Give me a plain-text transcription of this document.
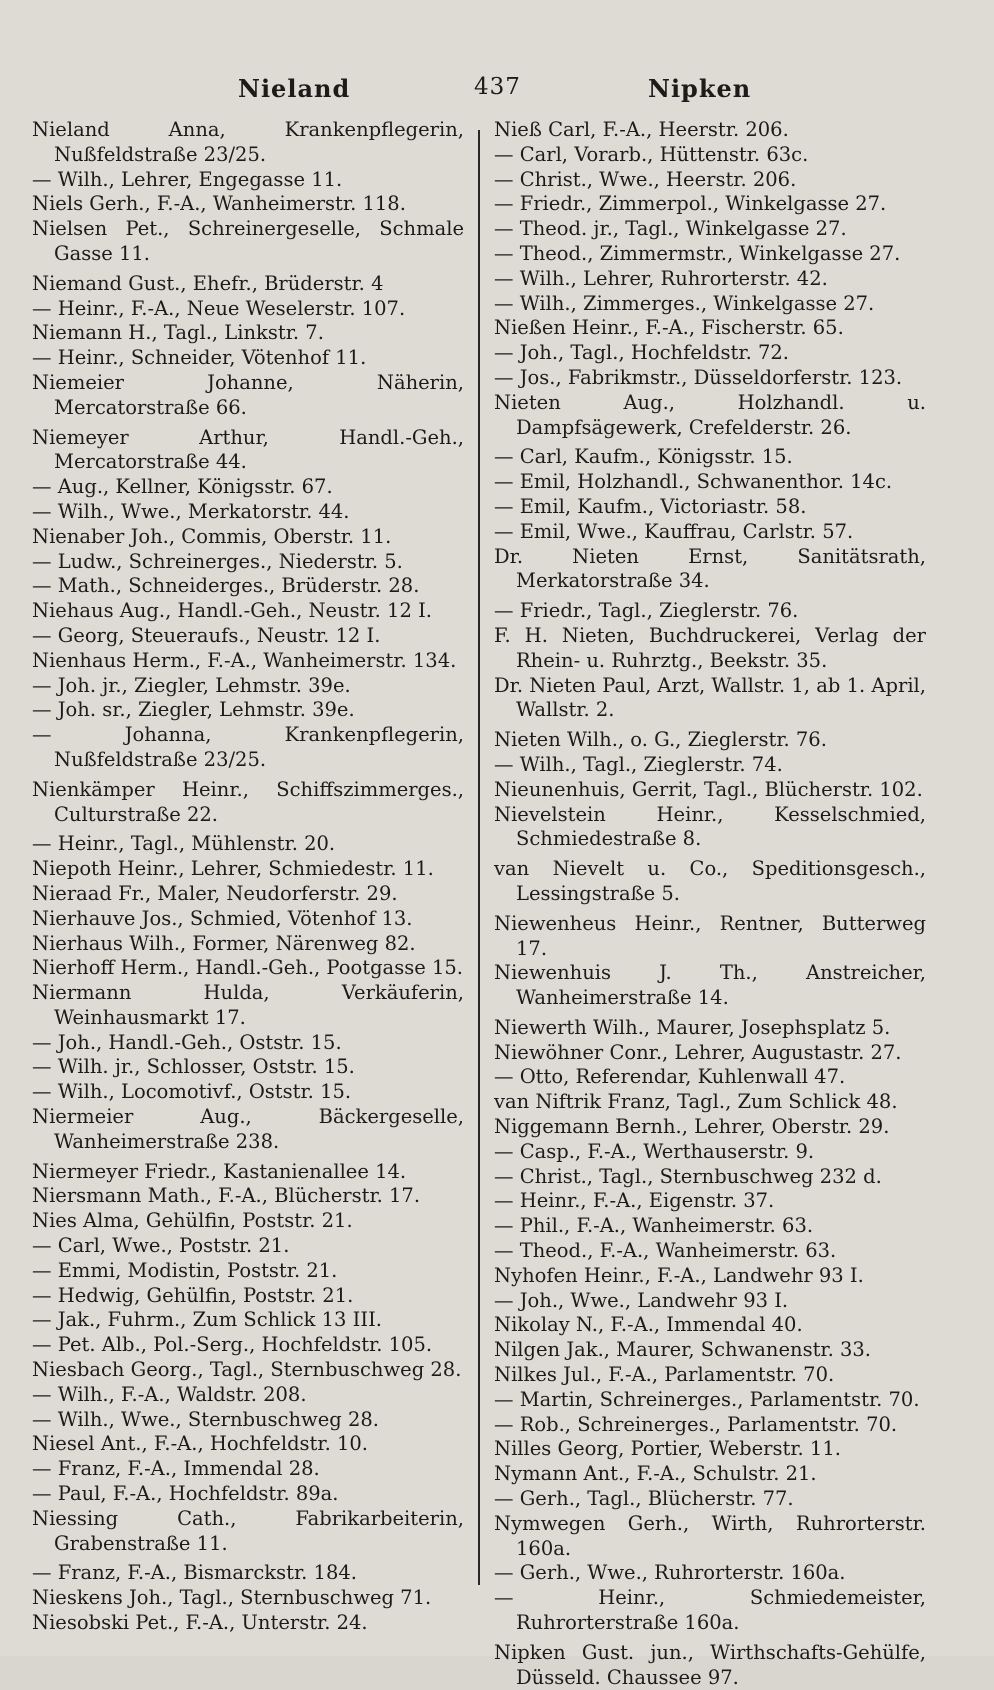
Nieland	437	Nipken

Nieland Anna, Krankenpflegerin, Nußfeldstraße 23/25.

— Wilh., Lehrer, Engegasse 11.

Niels Gerh., F.-A., Wanheimerstr. 118.

Nielsen Pet., Schreinergeselle, Schmale Gasse 11.

Niemand Gust., Ehefr., Brüderstr. 4

— Heinr., F.-A., Neue Weselerstr. 107.

Niemann H., Tagl., Linkstr. 7.

— Heinr., Schneider, Vötenhof 11.

Niemeier Johanne, Näherin, Mercatorstraße 66.

Niemeyer Arthur, Handl.-Geh., Mercatorstraße 44.

— Aug., Kellner, Königsstr. 67.

— Wilh., Wwe., Merkatorstr. 44.

Nienaber Joh., Commis, Oberstr. 11.

— Ludw., Schreinerges., Niederstr. 5.

— Math., Schneiderges., Brüderstr. 28.

Niehaus Aug., Handl.-Geh., Neustr. 12 I.

— Georg, Steueraufs., Neustr. 12 I.

Nienhaus Herm., F.-A., Wanheimerstr. 134.

— Joh. jr., Ziegler, Lehmstr. 39e.

— Joh. sr., Ziegler, Lehmstr. 39e.

— Johanna, Krankenpflegerin, Nußfeldstraße 23/25.

Nienkämper Heinr., Schiffszimmerges., Culturstraße 22.

— Heinr., Tagl., Mühlenstr. 20.

Niepoth Heinr., Lehrer, Schmiedestr. 11.

Nieraad Fr., Maler, Neudorferstr. 29.

Nierhauve Jos., Schmied, Vötenhof 13.

Nierhaus Wilh., Former, Närenweg 82.

Nierhoff Herm., Handl.-Geh., Pootgasse 15.

Niermann Hulda, Verkäuferin, Weinhausmarkt 17.

— Joh., Handl.-Geh., Oststr. 15.

— Wilh. jr., Schlosser, Oststr. 15.

— Wilh., Locomotivf., Oststr. 15.

Niermeier Aug., Bäckergeselle, Wanheimerstraße 238.

Niermeyer Friedr., Kastanienallee 14.

Niersmann Math., F.-A., Blücherstr. 17.

Nies Alma, Gehülfin, Poststr. 21.

— Carl, Wwe., Poststr. 21.

— Emmi, Modistin, Poststr. 21.

— Hedwig, Gehülfin, Poststr. 21.

— Jak., Fuhrm., Zum Schlick 13 III.

— Pet. Alb., Pol.-Serg., Hochfeldstr. 105.

Niesbach Georg., Tagl., Sternbuschweg 28.

— Wilh., F.-A., Waldstr. 208.

— Wilh., Wwe., Sternbuschweg 28.

Niesel Ant., F.-A., Hochfeldstr. 10.

— Franz, F.-A., Immendal 28.

— Paul, F.-A., Hochfeldstr. 89a.

Niessing Cath., Fabrikarbeiterin, Grabenstraße 11.

— Franz, F.-A., Bismarckstr. 184.

Nieskens Joh., Tagl., Sternbuschweg 71.

Niesobski Pet., F.-A., Unterstr. 24.

Nieß Carl, F.-A., Heerstr. 206.

— Carl, Vorarb., Hüttenstr. 63c.

— Christ., Wwe., Heerstr. 206.

— Friedr., Zimmerpol., Winkelgasse 27.

— Theod. jr., Tagl., Winkelgasse 27.

— Theod., Zimmermstr., Winkelgasse 27.

— Wilh., Lehrer, Ruhrorterstr. 42.

— Wilh., Zimmerges., Winkelgasse 27.

Nießen Heinr., F.-A., Fischerstr. 65.

— Joh., Tagl., Hochfeldstr. 72.

— Jos., Fabrikmstr., Düsseldorferstr. 123.

Nieten Aug., Holzhandl. u. Dampfsägewerk, Crefelderstr. 26.

— Carl, Kaufm., Königsstr. 15.

— Emil, Holzhandl., Schwanenthor. 14c.

— Emil, Kaufm., Victoriastr. 58.

— Emil, Wwe., Kauffrau, Carlstr. 57.

Dr. Nieten Ernst, Sanitätsrath, Merkatorstraße 34.

— Friedr., Tagl., Zieglerstr. 76.

F. H. Nieten, Buchdruckerei, Verlag der Rhein- u. Ruhrztg., Beekstr. 35.

Dr. Nieten Paul, Arzt, Wallstr. 1, ab 1. April, Wallstr. 2.

Nieten Wilh., o. G., Zieglerstr. 76.

— Wilh., Tagl., Zieglerstr. 74.

Nieunenhuis, Gerrit, Tagl., Blücherstr. 102.

Nievelstein Heinr., Kesselschmied, Schmiedestraße 8.

van Nievelt u. Co., Speditionsgesch., Lessingstraße 5.

Niewenheus Heinr., Rentner, Butterweg 17.

Niewenhuis J. Th., Anstreicher, Wanheimerstraße 14.

Niewerth Wilh., Maurer, Josephsplatz 5.

Niewöhner Conr., Lehrer, Augustastr. 27.

— Otto, Referendar, Kuhlenwall 47.

van Niftrik Franz, Tagl., Zum Schlick 48.

Niggemann Bernh., Lehrer, Oberstr. 29.

— Casp., F.-A., Werthauserstr. 9.

— Christ., Tagl., Sternbuschweg 232 d.

— Heinr., F.-A., Eigenstr. 37.

— Phil., F.-A., Wanheimerstr. 63.

— Theod., F.-A., Wanheimerstr. 63.

Nyhofen Heinr., F.-A., Landwehr 93 I.

— Joh., Wwe., Landwehr 93 I.

Nikolay N., F.-A., Immendal 40.

Nilgen Jak., Maurer, Schwanenstr. 33.

Nilkes Jul., F.-A., Parlamentstr. 70.

— Martin, Schreinerges., Parlamentstr. 70.

— Rob., Schreinerges., Parlamentstr. 70.

Nilles Georg, Portier, Weberstr. 11.

Nymann Ant., F.-A., Schulstr. 21.

— Gerh., Tagl., Blücherstr. 77.

Nymwegen Gerh., Wirth, Ruhrorterstr. 160a.

— Gerh., Wwe., Ruhrorterstr. 160a.

— Heinr., Schmiedemeister, Ruhrorterstraße 160a.

Nipken Gust. jun., Wirthschafts-Gehülfe, Düsseld. Chaussee 97.
